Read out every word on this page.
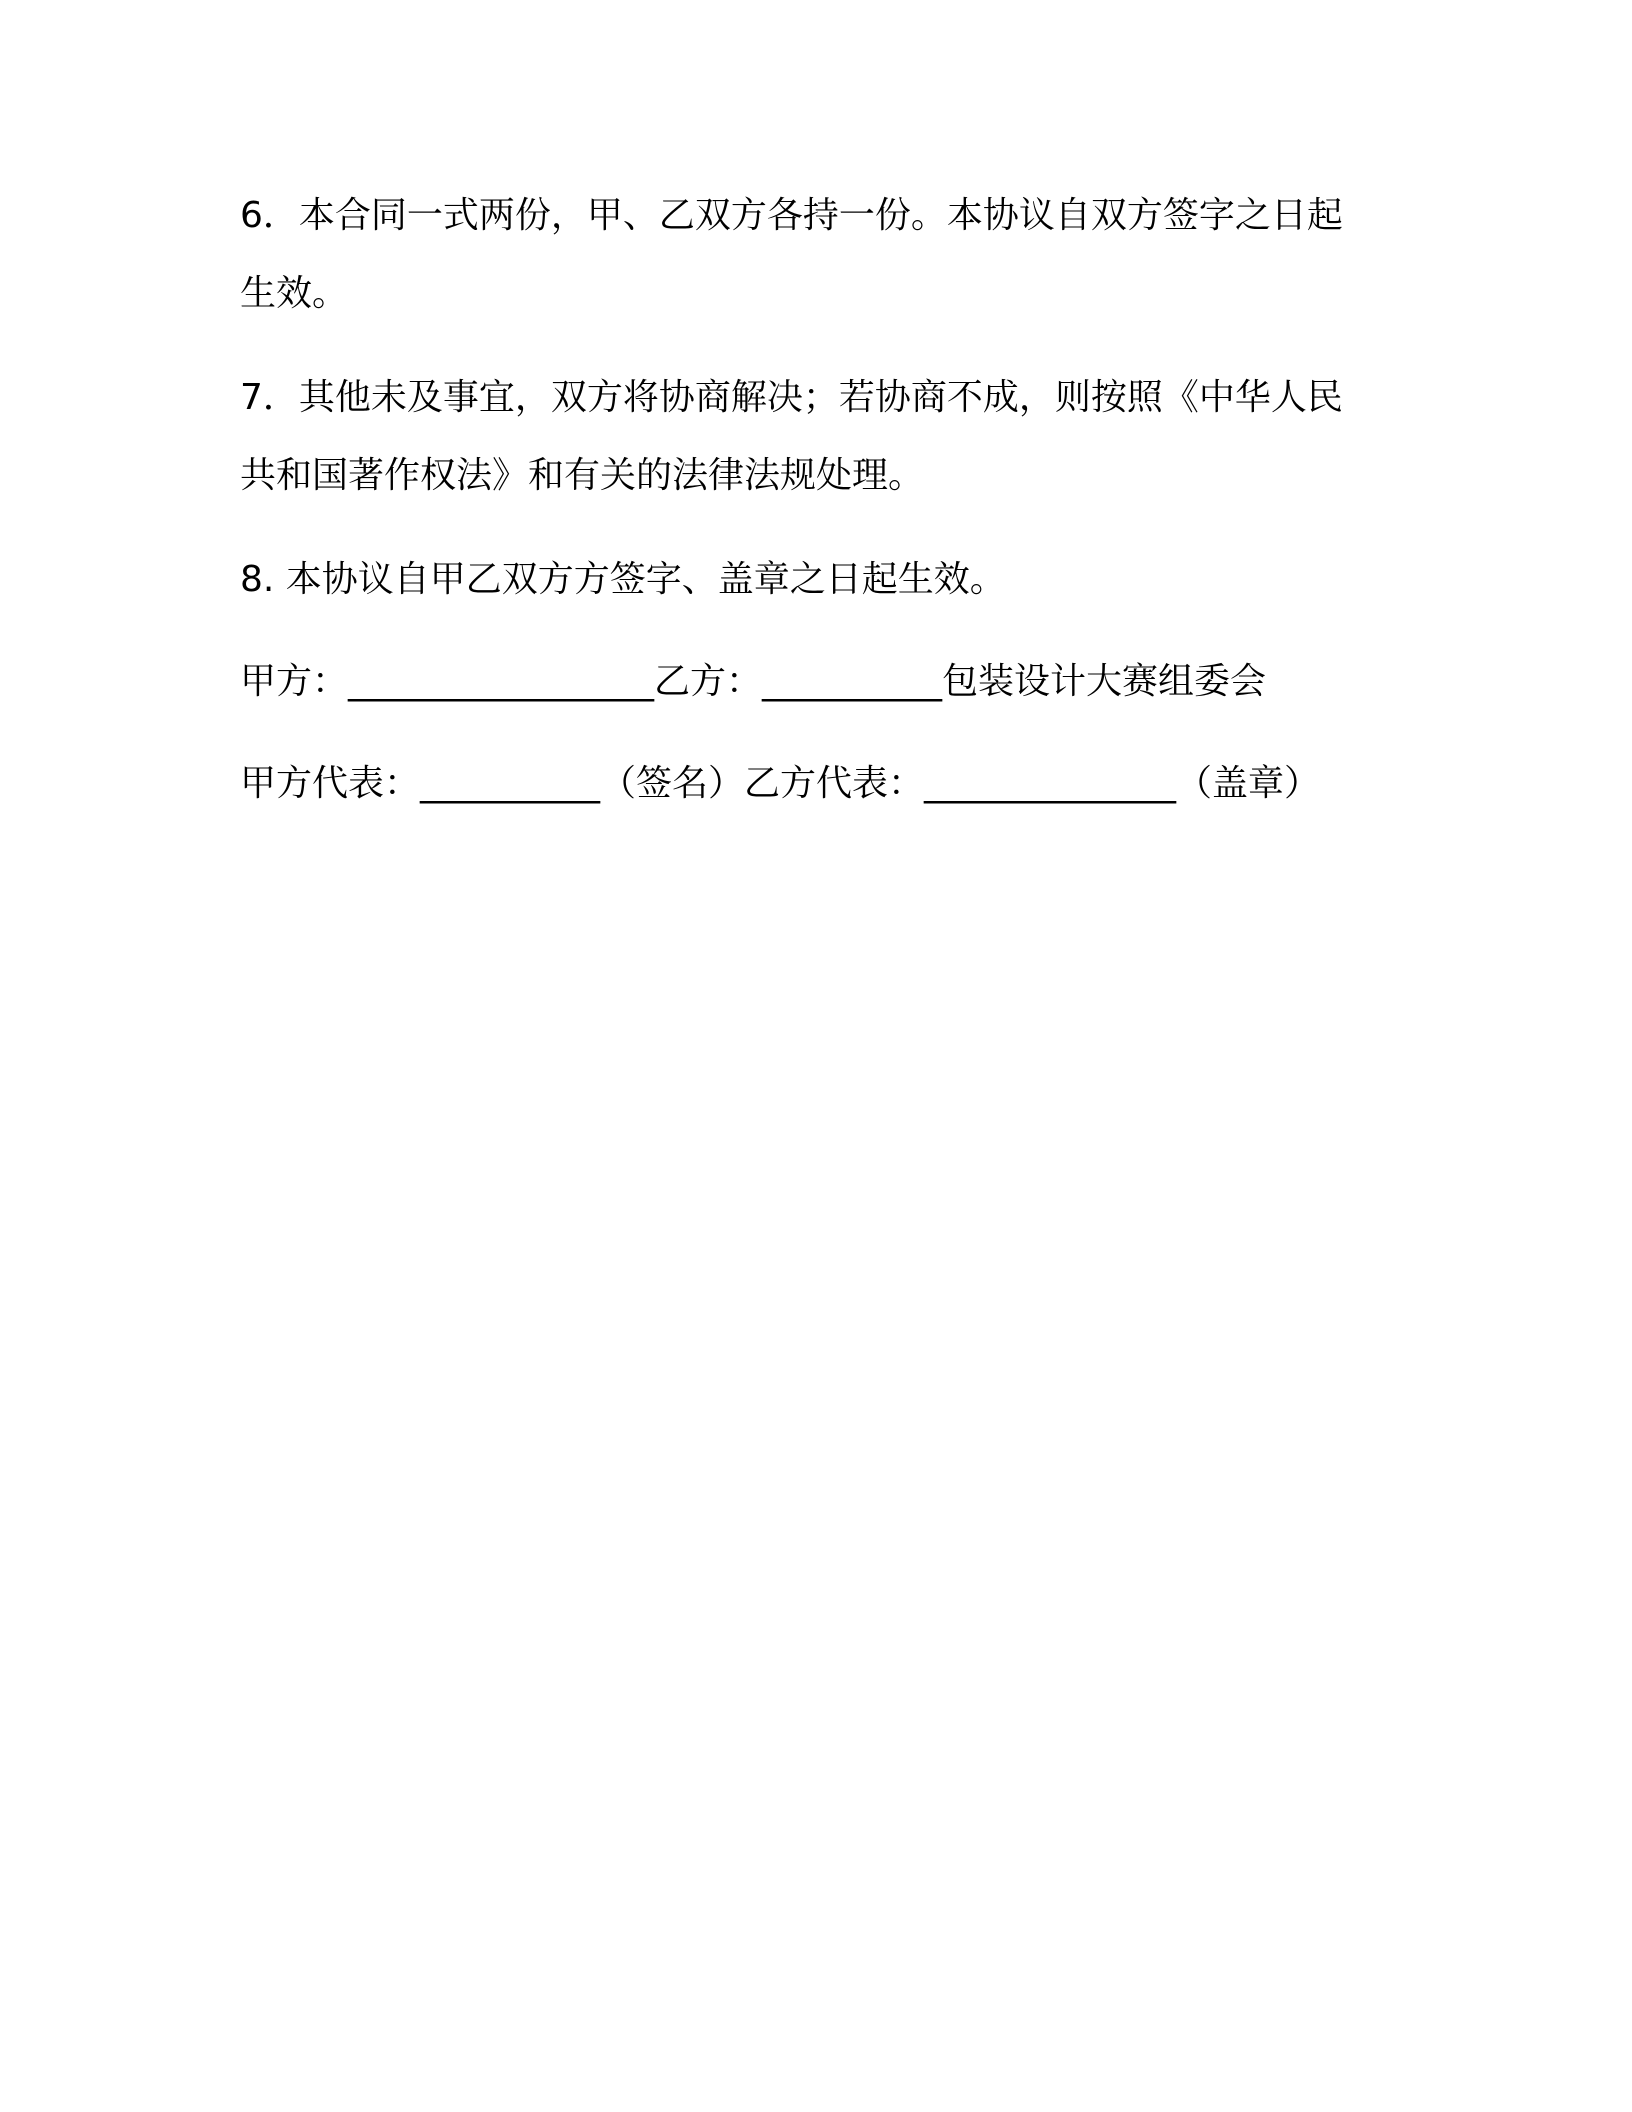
6．本合同一式两份，甲、乙双方各持一份。本协议自双方签字之日起
生效。
7．其他未及事宜，双方将协商解决；若协商不成，则按照《中华人民
共和国著作权法》和有关的法律法规处理。
8. 本协议自甲乙双方方签字、盖章之日起生效。
甲方：_________________乙方：__________包装设计大赛组委会
甲方代表：__________（签名）乙方代表：______________（盖章）
